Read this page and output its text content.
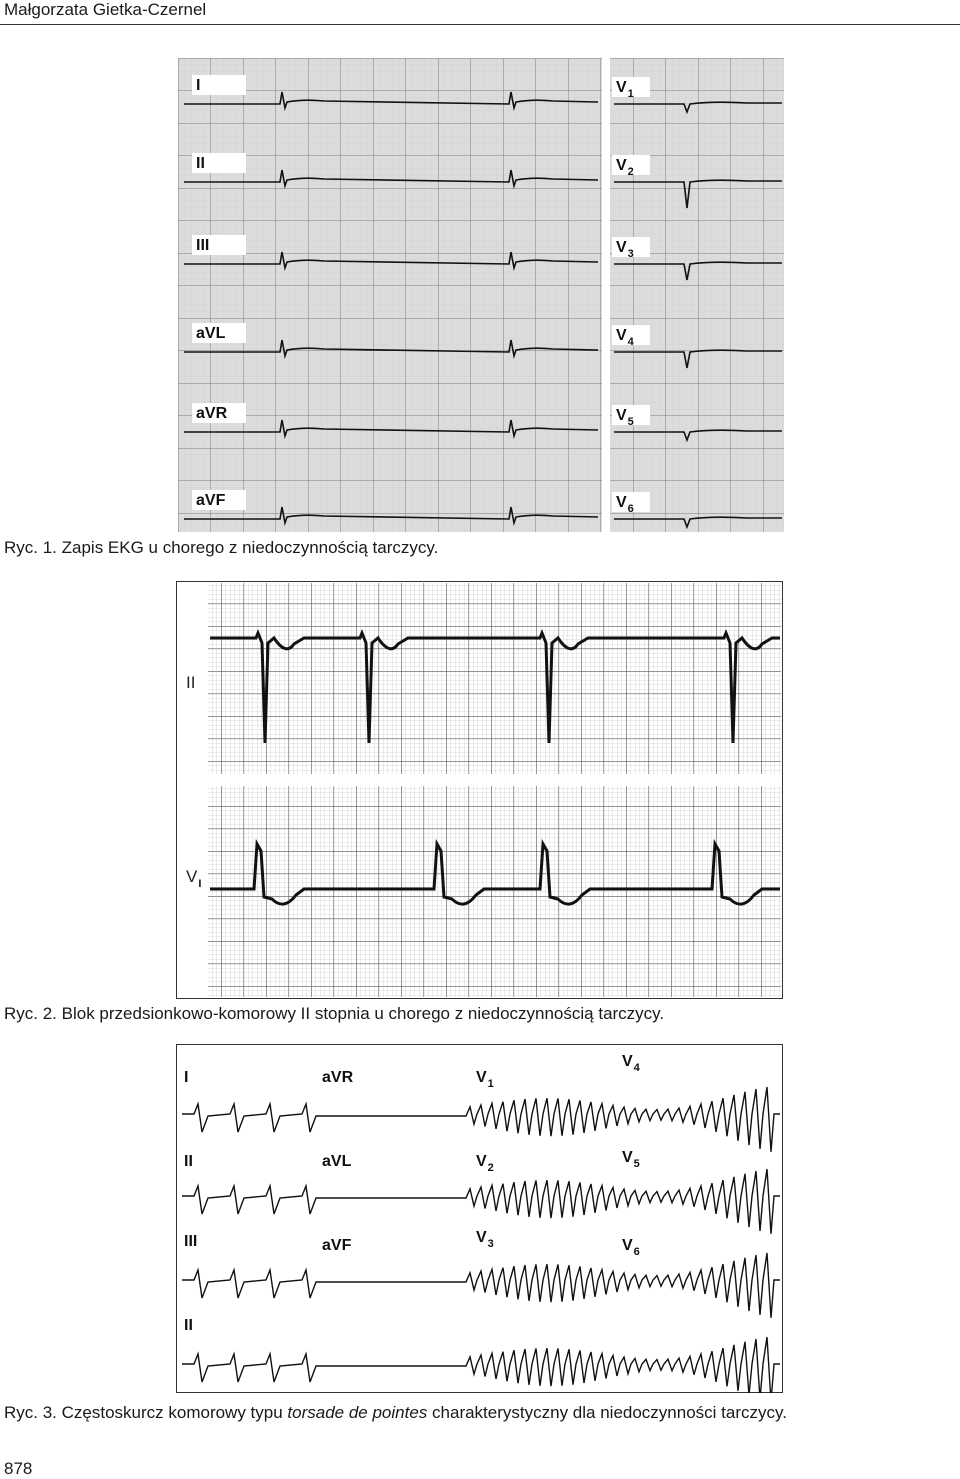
Małgorzata Gietka-Czernel
I	V 1
II	V 2
III	V 3
aVL	V 4
aVR	V 5
aVF	V 6
Ryc. 1. Zapis EKG u chorego z niedoczynnością tarczycy.
II
V I
Ryc. 2. Blok przedsionkowo-komorowy II stopnia u chorego z niedoczynnością tarczycy.
I	aVR	V 1
V 4
II	aVL	V 2
V 5
III	aVF	V 3	V 6
II
Ryc. 3. Częstoskurcz komorowy typu torsade de pointes charakterystyczny dla niedoczynności tarczycy.
878
